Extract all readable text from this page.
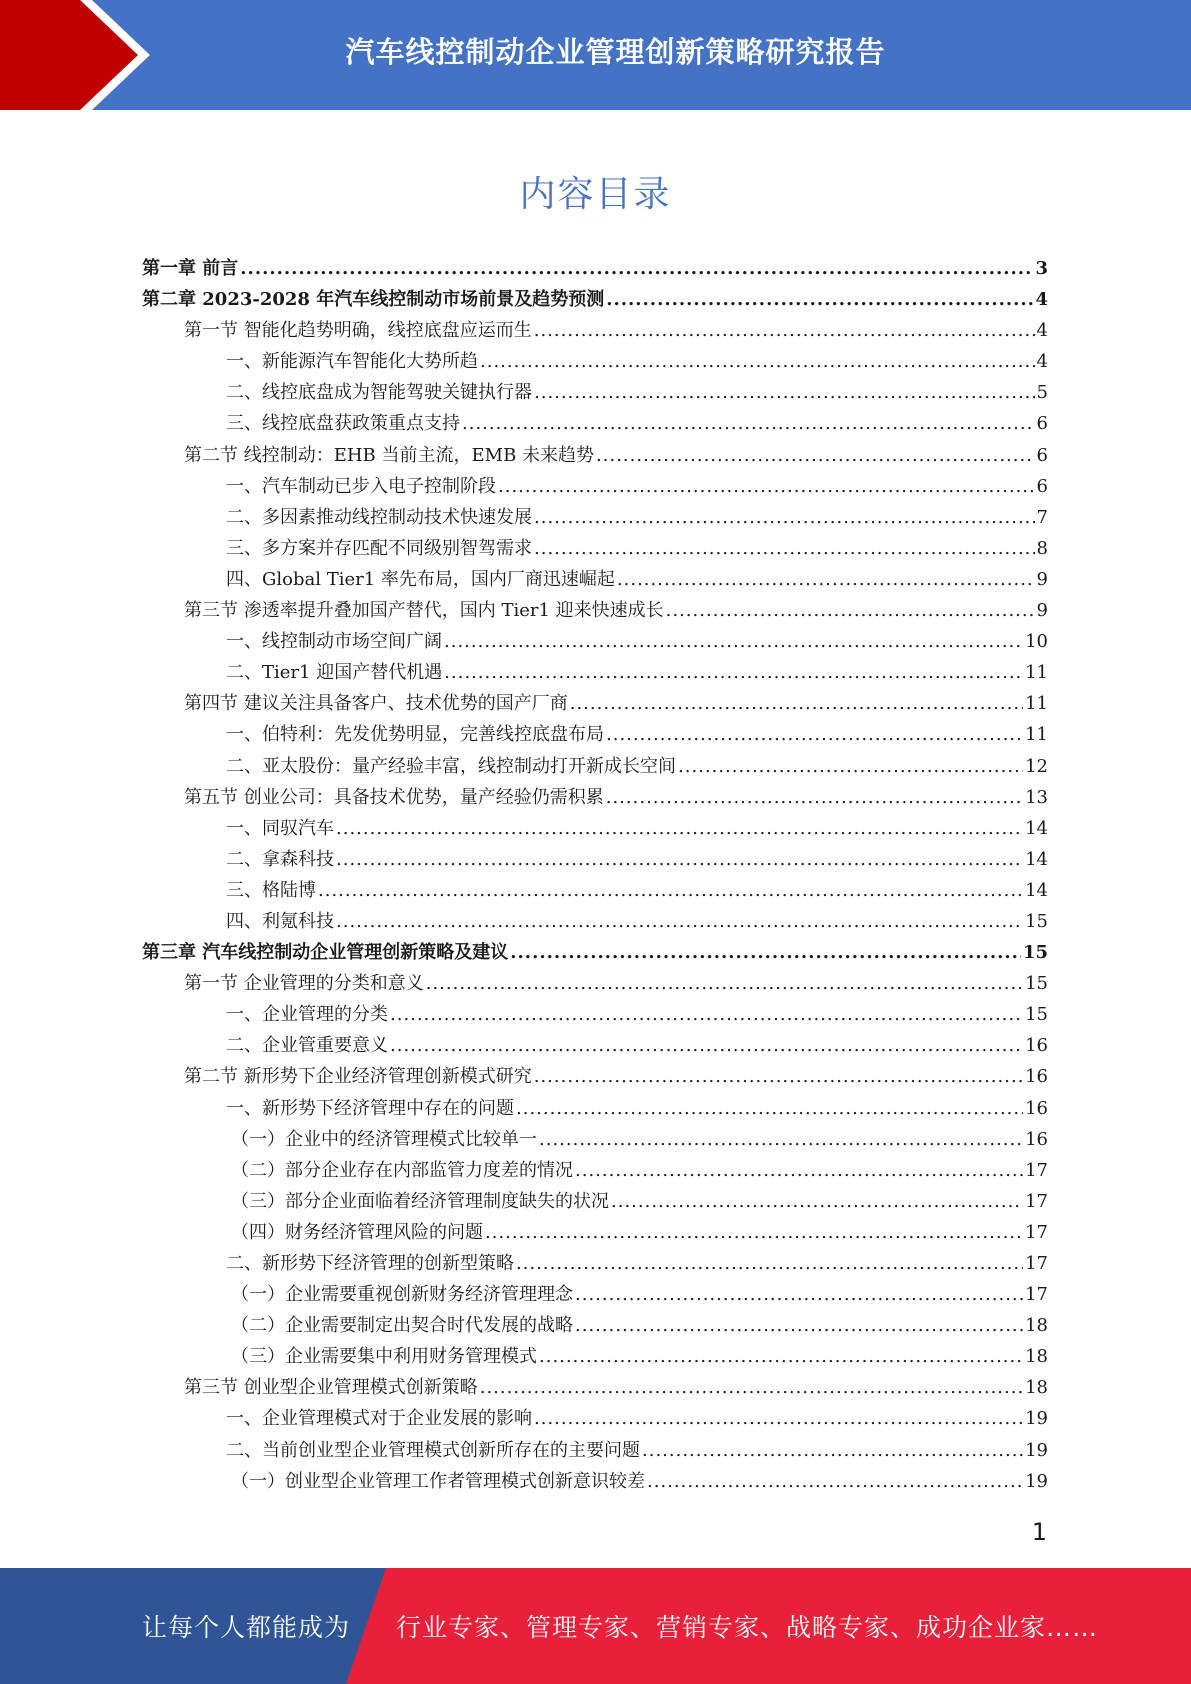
汽车线控制动企业管理创新策略研究报告
内容目录
第一章 前言 .....	3
第二章 2023-2028 年汽车线控制动市场前景及趋势预测 .....	4
第一节 智能化趋势明确，线控底盘应运而生 .....	4
一、新能源汽车智能化大势所趋 .....	4
二、线控底盘成为智能驾驶关键执行器 .....	5
三、线控底盘获政策重点支持 .....	6
第二节 线控制动：EHB 当前主流，EMB 未来趋势 .....	6
一、汽车制动已步入电子控制阶段 .....	6
二、多因素推动线控制动技术快速发展 .....	7
三、多方案并存匹配不同级别智驾需求 .....	8
四、Global Tier1 率先布局，国内厂商迅速崛起 .....	9
第三节 渗透率提升叠加国产替代，国内 Tier1 迎来快速成长 .....	9
一、线控制动市场空间广阔 .....	10
二、Tier1 迎国产替代机遇 .....	11
第四节 建议关注具备客户、技术优势的国产厂商 .....	11
一、伯特利：先发优势明显，完善线控底盘布局 .....	11
二、亚太股份：量产经验丰富，线控制动打开新成长空间 .....	12
第五节 创业公司：具备技术优势，量产经验仍需积累 .....	13
一、同驭汽车 .....	14
二、拿森科技 .....	14
三、格陆博 .....	14
四、利氪科技 .....	15
第三章 汽车线控制动企业管理创新策略及建议 .....	15
第一节 企业管理的分类和意义 .....	15
一、企业管理的分类 .....	15
二、企业管重要意义 .....	16
第二节 新形势下企业经济管理创新模式研究 .....	16
一、新形势下经济管理中存在的问题 .....	16
（一）企业中的经济管理模式比较单一 .....	16
（二）部分企业存在内部监管力度差的情况 .....	17
（三）部分企业面临着经济管理制度缺失的状况 .....	17
（四）财务经济管理风险的问题 .....	17
二、新形势下经济管理的创新型策略 .....	17
（一）企业需要重视创新财务经济管理理念 .....	17
（二）企业需要制定出契合时代发展的战略 .....	18
（三）企业需要集中利用财务管理模式 .....	18
第三节 创业型企业管理模式创新策略 .....	18
一、企业管理模式对于企业发展的影响 .....	19
二、当前创业型企业管理模式创新所存在的主要问题 .....	19
（一）创业型企业管理工作者管理模式创新意识较差 .....	19
1
让每个人都能成为 行业专家、管理专家、营销专家、战略专家、成功企业家……
